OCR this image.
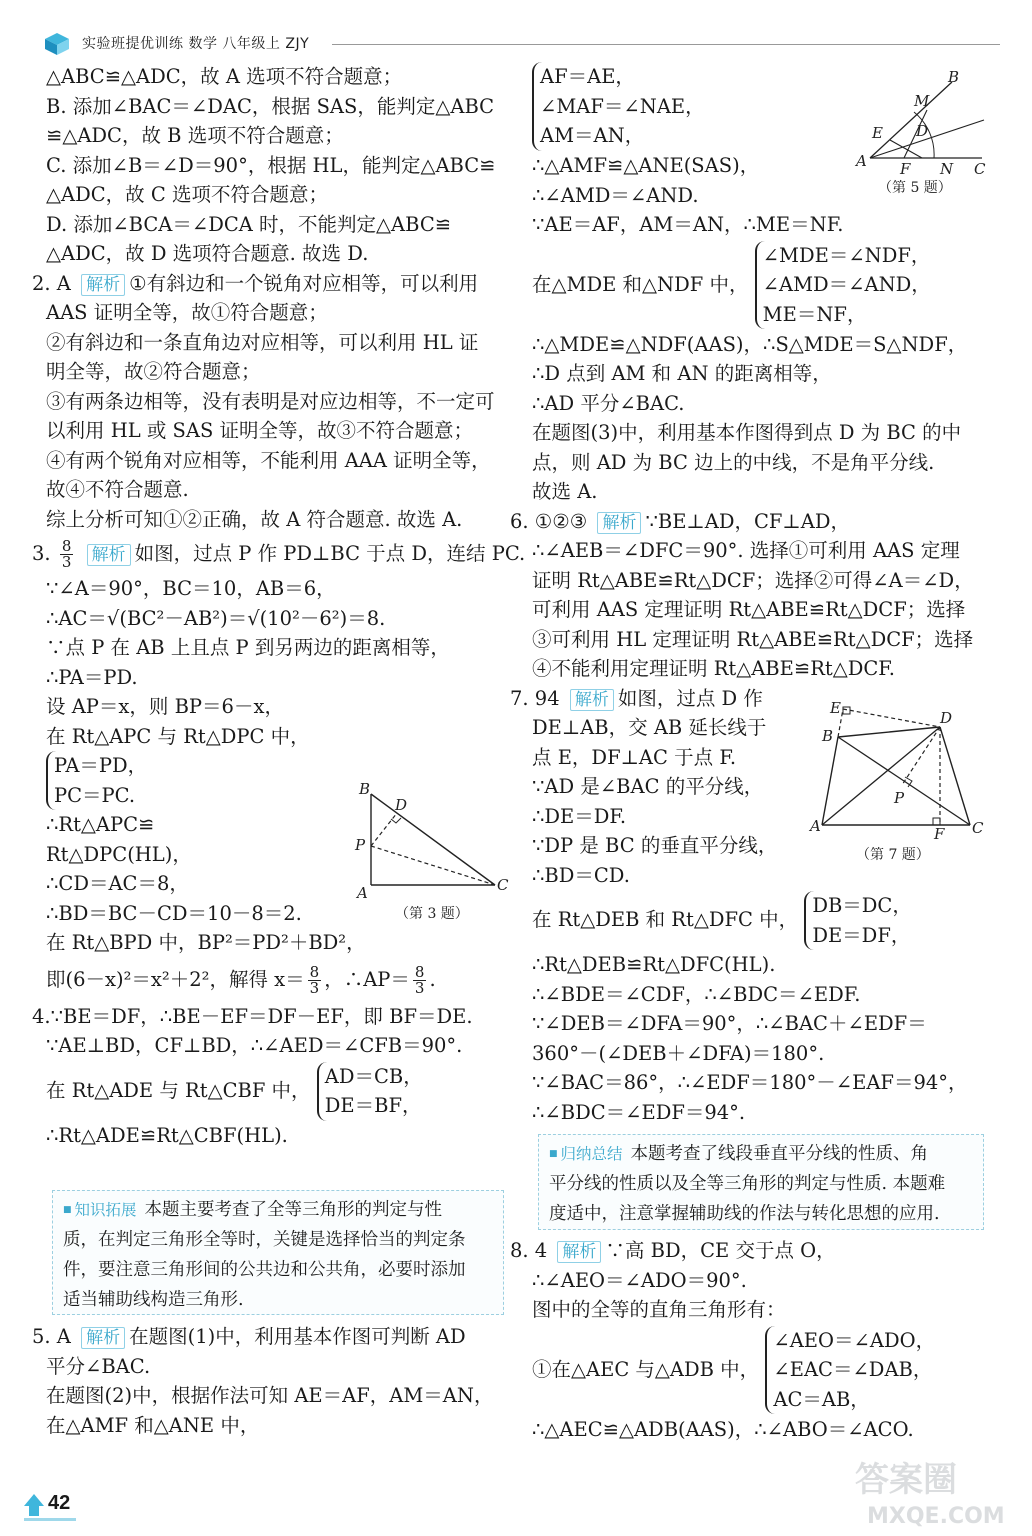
实验班提优训练 数学 八年级上 ZJY
△ABC≌△ADC，故 A 选项不符合题意；
B. 添加∠BAC＝∠DAC，根据 SAS，能判定△ABC
≌△ADC，故 B 选项不符合题意；
C. 添加∠B＝∠D＝90°，根据 HL，能判定△ABC≌
△ADC，故 C 选项不符合题意；
D. 添加∠BCA＝∠DCA 时，不能判定△ABC≌
△ADC，故 D 选项符合题意. 故选 D.
2. A 解析 ①有斜边和一个锐角对应相等，可以利用
AAS 证明全等，故①符合题意；
②有斜边和一条直角边对应相等，可以利用 HL 证
明全等，故②符合题意；
③有两条边相等，没有表明是对应边相等，不一定可
以利用 HL 或 SAS 证明全等，故③不符合题意；
④有两个锐角对应相等，不能利用 AAA 证明全等，
故④不符合题意.
综上分析可知①②正确，故 A 符合题意. 故选 A.
3. $\frac{8}{3}$ 解析 如图，过点 P 作 PD⊥BC 于点 D，连结 PC.
∵∠A＝90°，BC＝10，AB＝6，
∴AC＝√(BC²－AB²)＝√(10²－6²)＝8.
∵点 P 在 AB 上且点 P 到另两边的距离相等，
∴PA＝PD.
设 AP＝x，则 BP＝6－x，
在 Rt△APC 与 Rt△DPC 中，
PA＝PD，
PC＝PC.
∴Rt△APC≌
Rt△DPC(HL)，
∴CD＝AC＝8，
∴BD＝BC－CD＝10－8＝2.
在 Rt△BPD 中，BP²＝PD²＋BD²，
即(6－x)²＝x²＋2²，解得 $x= \frac{8}{3}$ ，∴AP＝ $\frac{8}{3}$ .
4.∵BE＝DF，∴BE－EF＝DF－EF，即 BF＝DE.
∵AE⊥BD，CF⊥BD，∴∠AED＝∠CFB＝90°.
在 Rt△ADE 与 Rt△CBF 中，
AD＝CB，
DE＝BF，
∴Rt△ADE≌Rt△CBF(HL).
■ 知识拓展 本题主要考查了全等三角形的判定与性
质，在判定三角形全等时，关键是选择恰当的判定条
件，要注意三角形间的公共边和公共角，必要时添加
适当辅助线构造三角形.
5. A 解析 在题图(1)中，利用基本作图可判断 AD
平分∠BAC.
在题图(2)中，根据作法可知 AE＝AF，AM＝AN，
在△AMF 和△ANE 中，
B
D
P
A	C
（第 3 题）
AF＝AE，
∠MAF＝∠NAE，
AM＝AN，
∴△AMF≌△ANE(SAS)，
∴∠AMD＝∠AND.
∵AE＝AF，AM＝AN，∴ME＝NF.
在△MDE 和△NDF 中，
∠MDE＝∠NDF，
∠AMD＝∠AND，
ME＝NF，
∴△MDE≌△NDF(AAS)，∴S△MDE＝S△NDF，
∴D 点到 AM 和 AN 的距离相等，
∴AD 平分∠BAC.
在题图(3)中，利用基本作图得到点 D 为 BC 的中
点，则 AD 为 BC 边上的中线，不是角平分线.
故选 A.
6. ①②③ 解析 ∵BE⊥AD，CF⊥AD，
∴∠AEB＝∠DFC＝90°. 选择①可利用 AAS 定理
证明 Rt△ABE≌Rt△DCF；选择②可得∠A＝∠D，
可利用 AAS 定理证明 Rt△ABE≌Rt△DCF；选择
③可利用 HL 定理证明 Rt△ABE≌Rt△DCF；选择
④不能利用定理证明 Rt△ABE≌Rt△DCF.
7. 94 解析 如图，过点 D 作
DE⊥AB，交 AB 延长线于
点 E，DF⊥AC 于点 F.
∵AD 是∠BAC 的平分线，
∴DE＝DF.
∵DP 是 BC 的垂直平分线，
∴BD＝CD.
在 Rt△DEB 和 Rt△DFC 中，
DB＝DC，
DE＝DF，
∴Rt△DEB≌Rt△DFC(HL).
∴∠BDE＝∠CDF，∴∠BDC＝∠EDF.
∵∠DEB＝∠DFA＝90°，∴∠BAC＋∠EDF＝
360°－(∠DEB＋∠DFA)＝180°.
∵∠BAC＝86°，∴∠EDF＝180°－∠EAF＝94°，
∴∠BDC＝∠EDF＝94°.
■ 归纳总结 本题考查了线段垂直平分线的性质、角
平分线的性质以及全等三角形的判定与性质. 本题难
度适中，注意掌握辅助线的作法与转化思想的应用.
8. 4 解析 ∵高 BD，CE 交于点 O，
∴∠AEO＝∠ADO＝90°.
图中的全等的直角三角形有：
①在△AEC 与△ADB 中，
∠AEO＝∠ADO，
∠EAC＝∠DAB，
AC＝AB，
∴△AEC≌△ADB(AAS)，∴∠ABO＝∠ACO.
B
M
E D
A F N C
（第 5 题）
E
D
B
P
A	F C
（第 7 题）
42
答案圈
MXQE.COM
